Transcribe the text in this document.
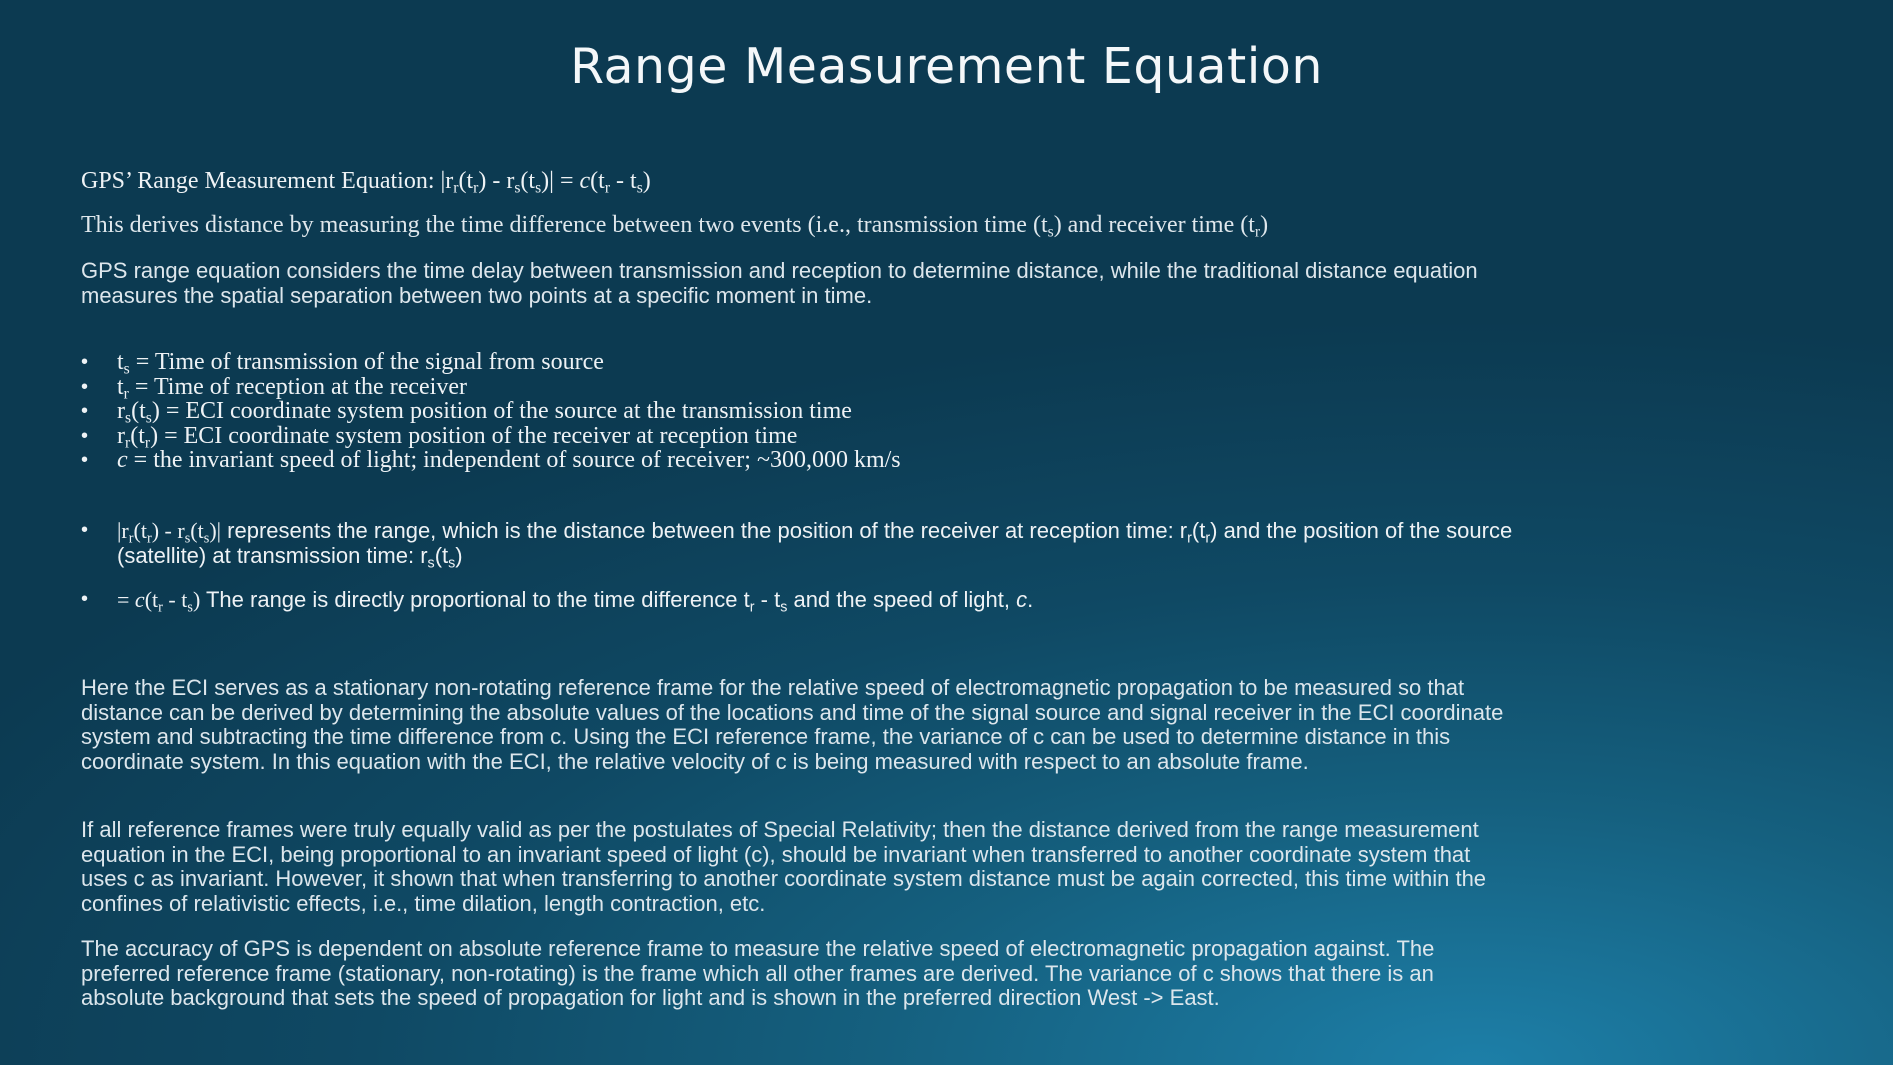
Range Measurement Equation
GPS’ Range Measurement Equation: $|r_r(t_r) - r_s(t_s)| = c(t_r - t_s)$
This derives distance by measuring the time difference between two events (i.e., transmission time $(t_s)$ and receiver time $(t_r)$
GPS range equation considers the time delay between transmission and reception to determine distance, while the traditional distance equation measures the spatial separation between two points at a specific moment in time.
• $t_s$ = Time of transmission of the signal from source
• $t_r$ = Time of reception at the receiver
• $r_s(t_s)$ = ECI coordinate system position of the source at the transmission time
• $r_r(t_r)$ = ECI coordinate system position of the receiver at reception time
• c = the invariant speed of light; independent of source of receiver; ~300,000 km/s
•	$|r_r(t_r) - r_s(t_s)|$ represents the range, which is the distance between the position of the receiver at reception time: $r_r(t_r)$ and the position of the source (satellite) at transmission time: $r_s(t_s)$
•	= $c(t_r - t_s)$ The range is directly proportional to the time difference $t_r - t_s$ and the speed of light, c.
Here the ECI serves as a stationary non-rotating reference frame for the relative speed of electromagnetic propagation to be measured so that distance can be derived by determining the absolute values of the locations and time of the signal source and signal receiver in the ECI coordinate system and subtracting the time difference from c. Using the ECI reference frame, the variance of c can be used to determine distance in this coordinate system. In this equation with the ECI, the relative velocity of c is being measured with respect to an absolute frame.
If all reference frames were truly equally valid as per the postulates of Special Relativity; then the distance derived from the range measurement equation in the ECI, being proportional to an invariant speed of light (c), should be invariant when transferred to another coordinate system that uses c as invariant. However, it shown that when transferring to another coordinate system distance must be again corrected, this time within the confines of relativistic effects, i.e., time dilation, length contraction, etc.
The accuracy of GPS is dependent on absolute reference frame to measure the relative speed of electromagnetic propagation against. The preferred reference frame (stationary, non-rotating) is the frame which all other frames are derived. The variance of c shows that there is an absolute background that sets the speed of propagation for light and is shown in the preferred direction West -> East.
